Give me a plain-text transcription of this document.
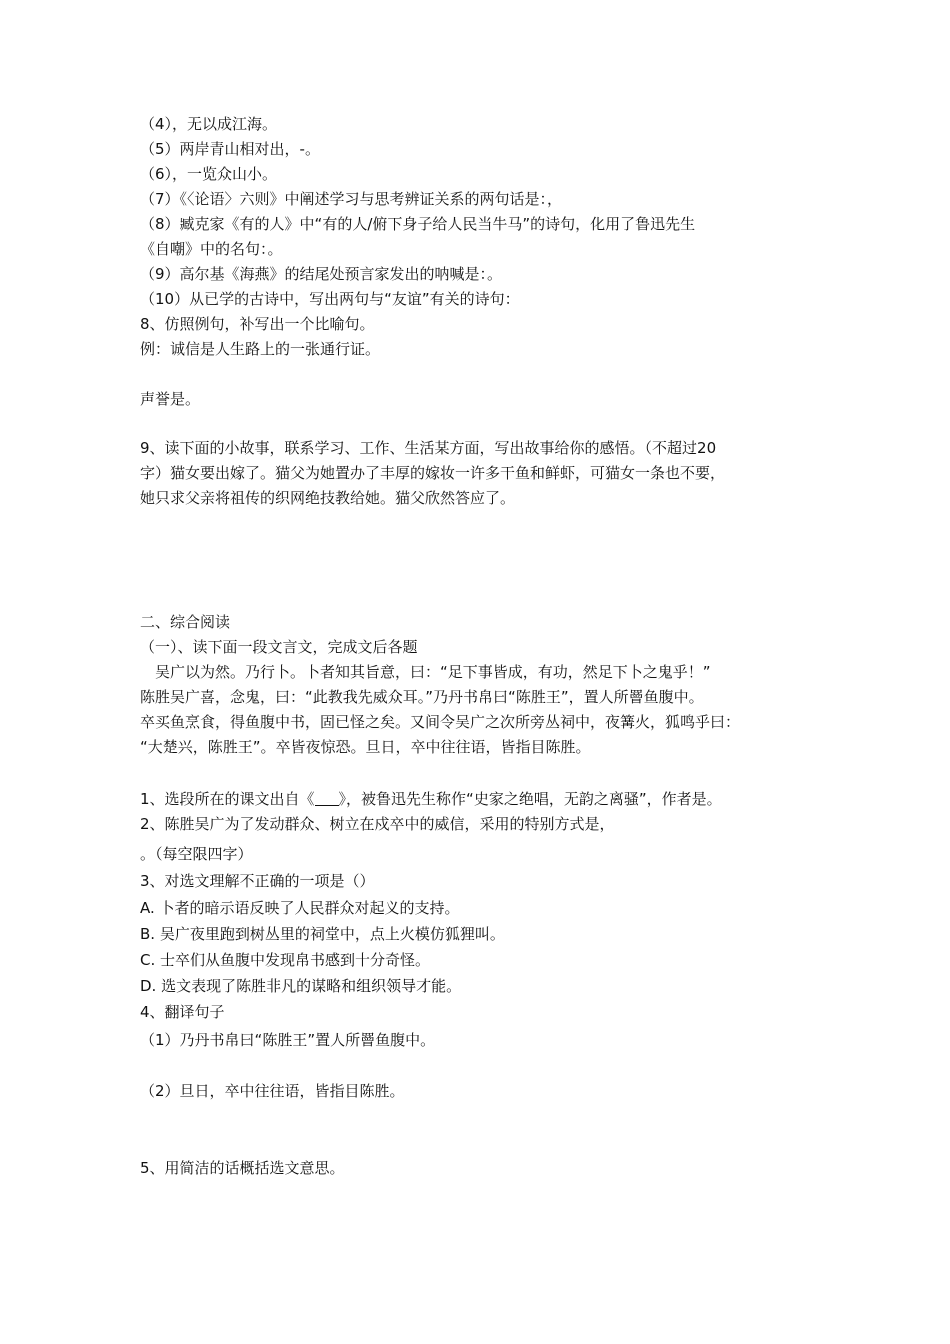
（4），无以成江海。
（5）两岸青山相对出，-。
（6），一览众山小。
（7）《〈论语〉六则》中阐述学习与思考辨证关系的两句话是：，
（8）臧克家《有的人》中“有的人/俯下身子给人民当牛马”的诗句，化用了鲁迅先生
《自嘲》中的名句：。
（9）高尔基《海燕》的结尾处预言家发出的呐喊是：。
（10）从已学的古诗中，写出两句与“友谊”有关的诗句：
8、仿照例句，补写出一个比喻句。
例：诚信是人生路上的一张通行证。
声誉是。
9、读下面的小故事，联系学习、工作、生活某方面，写出故事给你的感悟。（不超过20
字）猫女要出嫁了。猫父为她置办了丰厚的嫁妆一许多干鱼和鲜虾，可猫女一条也不要，
她只求父亲将祖传的织网绝技教给她。猫父欣然答应了。
二、综合阅读
（一）、读下面一段文言文，完成文后各题
　吴广以为然。乃行卜。卜者知其旨意，曰：“足下事皆成，有功，然足下卜之鬼乎！”
陈胜吴广喜，念鬼，曰：“此教我先威众耳。”乃丹书帛曰“陈胜王”，置人所罾鱼腹中。
卒买鱼烹食，得鱼腹中书，固已怪之矣。又间令吴广之次所旁丛祠中，夜篝火，狐鸣乎曰：
“大楚兴，陈胜王”。卒皆夜惊恐。旦日，卒中往往语，皆指目陈胜。
1、选段所在的课文出自《 》，被鲁迅先生称作“史家之绝唱，无韵之离骚”，作者是。
2、陈胜吴广为了发动群众、树立在戍卒中的威信，采用的特别方式是，
。（每空限四字）
3、对选文理解不正确的一项是（）
A. 卜者的暗示语反映了人民群众对起义的支持。
B. 吴广夜里跑到树丛里的祠堂中，点上火模仿狐狸叫。
C. 士卒们从鱼腹中发现帛书感到十分奇怪。
D. 选文表现了陈胜非凡的谋略和组织领导才能。
4、翻译句子
（1）乃丹书帛曰“陈胜王”置人所罾鱼腹中。
（2）旦日，卒中往往语，皆指目陈胜。
5、用简洁的话概括选文意思。
